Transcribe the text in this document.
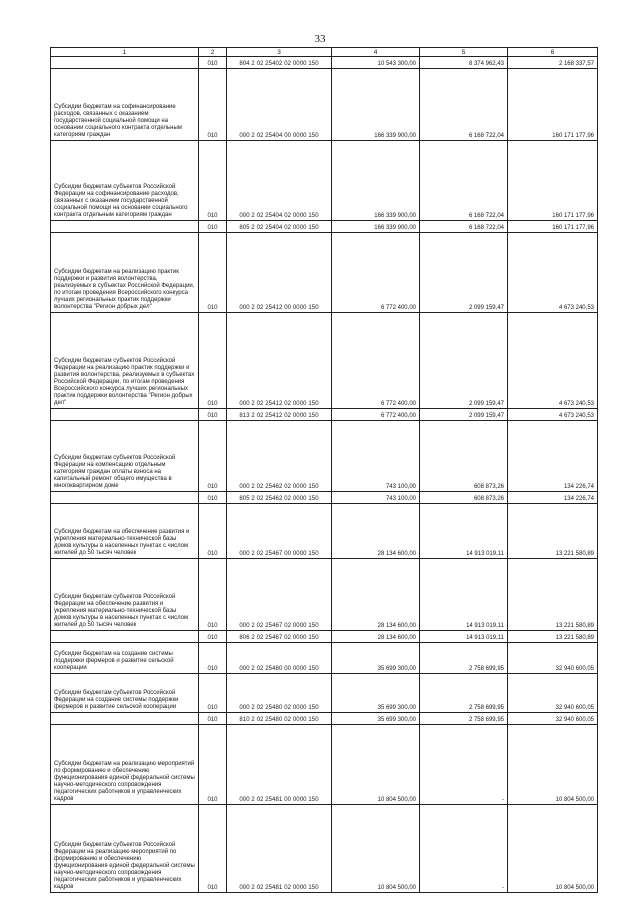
33
1	2	3	4	5	6
	010	804 2 02 25402 02 0000 150	10 543 300,00	8 374 962,43	2 168 337,57
Субсидии бюджетам на софинансирование расходов, связанных с оказанием государственной социальной помощи на основании социального контракта отдельным категориям граждан	010	000 2 02 25404 00 0000 150	166 339 900,00	6 168 722,04	160 171 177,96
Субсидии бюджетам субъектов Российской Федерации на софинансирование расходов, связанных с оказанием государственной социальной помощи на основании социального контракта отдельным категориям граждан	010	000 2 02 25404 02 0000 150	166 339 900,00	6 168 722,04	160 171 177,96
	010	805 2 02 25404 02 0000 150	166 339 900,00	6 168 722,04	160 171 177,96
Субсидии бюджетам на реализацию практик поддержки и развития волонтерства, реализуемых в субъектах Российской Федерации, по итогам проведения Всероссийского конкурса лучших региональных практик поддержки волонтерства "Регион добрых дел"	010	000 2 02 25412 00 0000 150	6 772 400,00	2 099 159,47	4 673 240,53
Субсидии бюджетам субъектов Российской Федерации на реализацию практик поддержки и развития волонтерства, реализуемых в субъектах Российской Федерации, по итогам проведения Всероссийского конкурса лучших региональных практик поддержки волонтерства "Регион добрых дел"	010	000 2 02 25412 02 0000 150	6 772 400,00	2 099 159,47	4 673 240,53
	010	813 2 02 25412 02 0000 150	6 772 400,00	2 099 159,47	4 673 240,53
Субсидии бюджетам субъектов Российской Федерации на компенсацию отдельным категориям граждан оплаты взноса на капитальный ремонт общего имущества в многоквартирном доме	010	000 2 02 25462 02 0000 150	743 100,00	608 873,26	134 226,74
	010	805 2 02 25462 02 0000 150	743 100,00	608 873,26	134 226,74
Субсидии бюджетам на обеспечение развития и укрепления материально-технической базы домов культуры в населенных пунктах с числом жителей до 50 тысяч человек	010	000 2 02 25467 00 0000 150	28 134 600,00	14 913 019,11	13 221 580,89
Субсидии бюджетам субъектов Российской Федерации на обеспечение развития и укрепления материально-технической базы домов культуры в населенных пунктах с числом жителей до 50 тысяч человек	010	000 2 02 25467 02 0000 150	28 134 600,00	14 913 019,11	13 221 580,89
	010	806 2 02 25467 02 0000 150	28 134 600,00	14 913 019,11	13 221 580,89
Субсидии бюджетам на создание системы поддержки фермеров и развитие сельской кооперации	010	000 2 02 25480 00 0000 150	35 699 300,00	2 758 699,95	32 940 600,05
Субсидии бюджетам субъектов Российской Федерации на создание системы поддержки фермеров и развитие сельской кооперации	010	000 2 02 25480 02 0000 150	35 699 300,00	2 758 699,95	32 940 600,05
	010	810 2 02 25480 02 0000 150	35 699 300,00	2 758 699,95	32 940 600,05
Субсидии бюджетам на реализацию мероприятий по формированию и обеспечению функционирования единой федеральной системы научно-методического сопровождения педагогических работников и управленческих кадров	010	000 2 02 25481 00 0000 150	10 804 500,00	-	10 804 500,00
Субсидии бюджетам субъектов Российской Федерации на реализацию мероприятий по формированию и обеспечению функционирования единой федеральной системы научно-методического сопровождения педагогических работников и управленческих кадров	010	000 2 02 25481 02 0000 150	10 804 500,00	-	10 804 500,00
